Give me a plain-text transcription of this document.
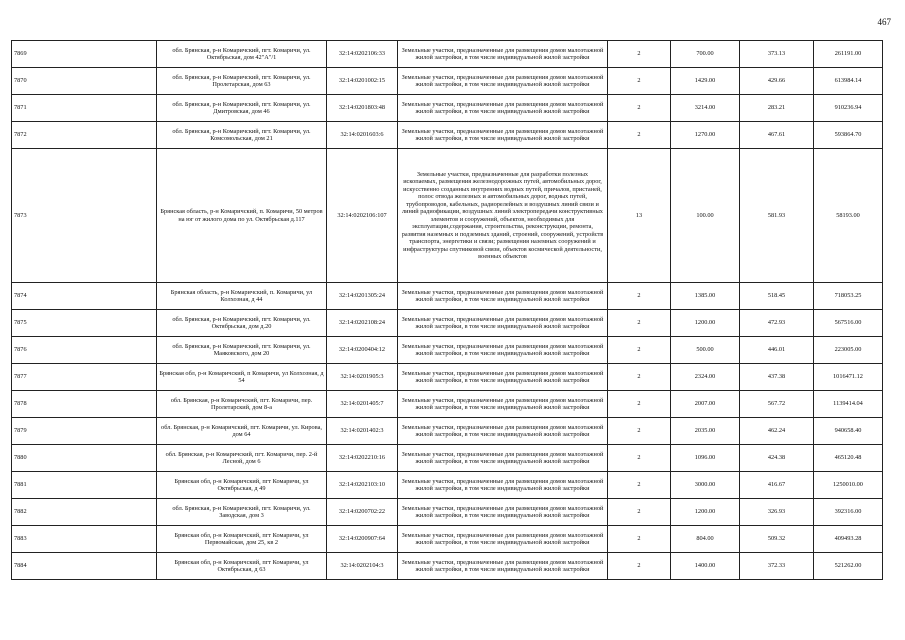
467
7869	обл. Брянская, р-н Комаричский, пгт. Комаричи, ул. Октябрьская, дом 42"А"/1	32:14:0202106:33	Земельные участки, предназначенные для размещения домов малоэтажной жилой застройки, в том числе индивидуальной жилой застройки	2	700.00	373.13	261191.00
7870	обл. Брянская, р-н Комаричский, пгт. Комаричи, ул. Пролетарская, дом 63	32:14:0201002:15	Земельные участки, предназначенные для размещения домов малоэтажной жилой застройки, в том числе индивидуальной жилой застройки	2	1429.00	429.66	613984.14
7871	обл. Брянская, р-н Комаричский, пгт. Комаричи, ул. Дмитровская, дом 46	32:14:0201803:48	Земельные участки, предназначенные для размещения домов малоэтажной жилой застройки, в том числе индивидуальной жилой застройки	2	3214.00	283.21	910236.94
7872	обл. Брянская, р-н Комаричский, пгт. Комаричи, ул. Комсомольская, дом 21	32:14:0201603:6	Земельные участки, предназначенные для размещения домов малоэтажной жилой застройки, в том числе индивидуальной жилой застройки	2	1270.00	467.61	593864.70
7873	Брянская область, р-н Комаричский, п. Комаричи, 50 метров на юг от жилого дома по ул. Октябрьская д.117	32:14:0202106:107	Земельные участки, предназначенные для разработки полезных ископаемых, размещения железнодорожных путей, автомобильных дорог, искусственно созданных внутренних водных путей, причалов, пристаней, полос отвода железных и автомобильных дорог, водных путей, трубопроводов, кабельных, радиорелейных и воздушных линий связи и линий радиофикации, воздушных линий электропередачи конструктивных элементов и сооружений, объектов, необходимых для эксплуатации,содержания, строительства, реконструкции, ремонта, развития наземных и подземных зданий, строений, сооружений, устройств транспорта, энергетики и связи; размещения наземных сооружений и инфраструктуры спутниковой связи, объектов космической деятельности, военных объектов	13	100.00	581.93	58193.00
7874	Брянская область, р-н Комаричский, п. Комаричи, ул Колхозная, д 44	32:14:0201305:24	Земельные участки, предназначенные для размещения домов малоэтажной жилой застройки, в том числе индивидуальной жилой застройки	2	1385.00	518.45	718053.25
7875	обл. Брянская, р-н Комаричский, пгт. Комаричи, ул. Октябрьская, дом д.20	32:14:0202108:24	Земельные участки, предназначенные для размещения домов малоэтажной жилой застройки, в том числе индивидуальной жилой застройки	2	1200.00	472.93	567516.00
7876	обл. Брянская, р-н Комаричский, пгт. Комаричи, ул. Маяковского, дом 20	32:14:0200404:12	Земельные участки, предназначенные для размещения домов малоэтажной жилой застройки, в том числе индивидуальной жилой застройки	2	500.00	446.01	223005.00
7877	Брянская обл, р-н Комаричский, п Комаричи, ул Колхозная, д 54	32:14:0201905:3	Земельные участки, предназначенные для размещения домов малоэтажной жилой застройки, в том числе индивидуальной жилой застройки	2	2324.00	437.38	1016471.12
7878	обл. Брянская, р-н Комаричский, пгт. Комаричи, пер. Пролетарский, дом 8-а	32:14:0201405:7	Земельные участки, предназначенные для размещения домов малоэтажной жилой застройки, в том числе индивидуальной жилой застройки	2	2007.00	567.72	1139414.04
7879	обл. Брянская, р-н Комаричский, пгт. Комаричи, ул. Кирова, дом 64	32:14:0201402:3	Земельные участки, предназначенные для размещения домов малоэтажной жилой застройки, в том числе индивидуальной жилой застройки	2	2035.00	462.24	940658.40
7880	обл. Брянская, р-н Комаричский, пгт. Комаричи, пер. 2-й Лесной, дом 6	32:14:0202210:16	Земельные участки, предназначенные для размещения домов малоэтажной жилой застройки, в том числе индивидуальной жилой застройки	2	1096.00	424.38	465120.48
7881	Брянская обл, р-н Комаричский, пгт Комаричи, ул Октябрьская, д 49	32:14:0202103:10	Земельные участки, предназначенные для размещения домов малоэтажной жилой застройки, в том числе индивидуальной жилой застройки	2	3000.00	416.67	1250010.00
7882	обл. Брянская, р-н Комаричский, пгт. Комаричи, ул. Заводская, дом 3	32:14:0200702:22	Земельные участки, предназначенные для размещения домов малоэтажной жилой застройки, в том числе индивидуальной жилой застройки	2	1200.00	326.93	392316.00
7883	Брянская обл, р-н Комаричский, пгт Комаричи, ул Первомайская, дом 25, кв 2	32:14:0200907:64	Земельные участки, предназначенные для размещения домов малоэтажной жилой застройки, в том числе индивидуальной жилой застройки	2	804.00	509.32	409493.28
7884	Брянская обл, р-н Комаричский, пгт Комаричи, ул Октябрьская, д 63	32:14:0202104:3	Земельные участки, предназначенные для размещения домов малоэтажной жилой застройки, в том числе индивидуальной жилой застройки	2	1400.00	372.33	521262.00
